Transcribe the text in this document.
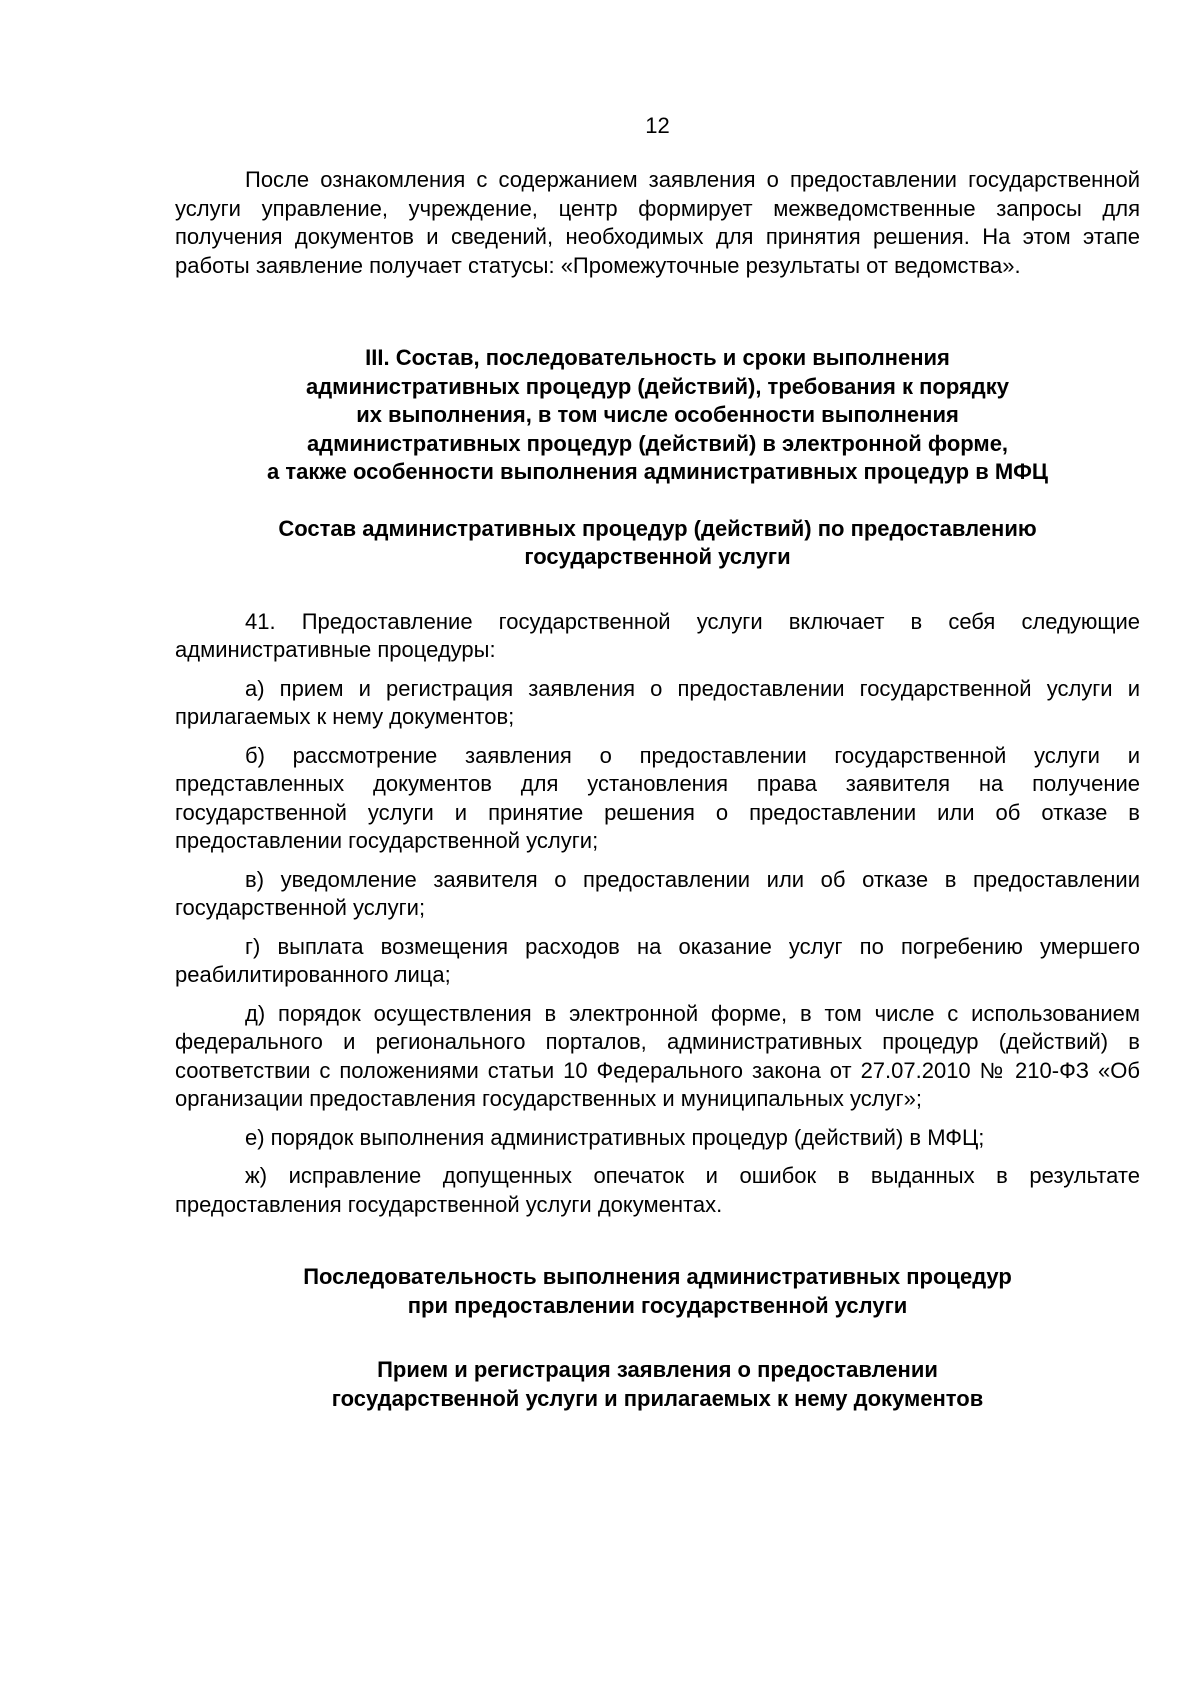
12

После ознакомления с содержанием заявления о предоставлении государственной услуги управление, учреждение, центр формирует межведомственные запросы для получения документов и сведений, необходимых для принятия решения. На этом этапе работы заявление получает статусы: «Промежуточные результаты от ведомства».

III. Состав, последовательность и сроки выполнения
административных процедур (действий), требования к порядку
их выполнения, в том числе особенности выполнения
административных процедур (действий) в электронной форме,
а также особенности выполнения административных процедур в МФЦ
Состав административных процедур (действий) по предоставлению
государственной услуги

41. Предоставление государственной услуги включает в себя следующие административные процедуры:

а) прием и регистрация заявления о предоставлении государственной услуги и прилагаемых к нему документов;

б) рассмотрение заявления о предоставлении государственной услуги и представленных документов для установления права заявителя на получение государственной услуги и принятие решения о предоставлении или об отказе в предоставлении государственной услуги;

в) уведомление заявителя о предоставлении или об отказе в предоставлении государственной услуги;

г) выплата возмещения расходов на оказание услуг по погребению умершего реабилитированного лица;

д) порядок осуществления в электронной форме, в том числе с использованием федерального и регионального порталов, административных процедур (действий) в соответствии с положениями статьи 10 Федерального закона от 27.07.2010 № 210-ФЗ «Об организации предоставления государственных и муниципальных услуг»;

е) порядок выполнения административных процедур (действий) в МФЦ;

ж) исправление допущенных опечаток и ошибок в выданных в результате предоставления государственной услуги документах.

Последовательность выполнения административных процедур
при предоставлении государственной услуги
Прием и регистрация заявления о предоставлении
государственной услуги и прилагаемых к нему документов
